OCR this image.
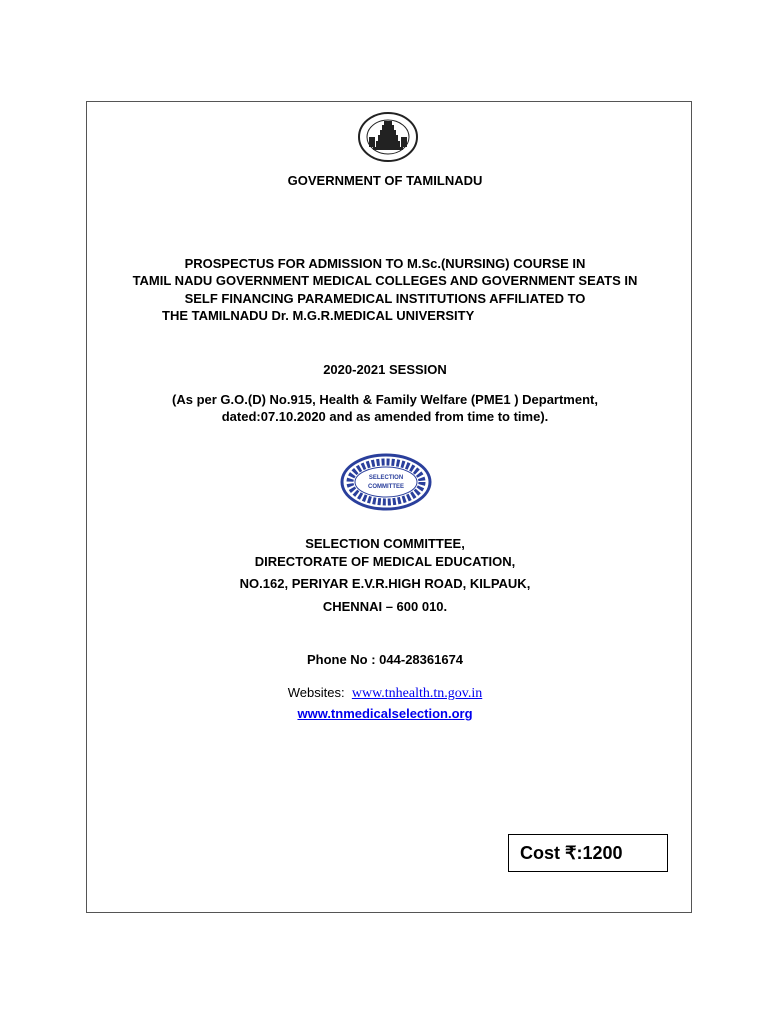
GOVERNMENT OF TAMILNADU
PROSPECTUS FOR ADMISSION TO M.Sc.(NURSING) COURSE IN
TAMIL NADU GOVERNMENT MEDICAL COLLEGES AND GOVERNMENT SEATS IN
SELF FINANCING PARAMEDICAL INSTITUTIONS AFFILIATED TO
THE TAMILNADU Dr. M.G.R.MEDICAL UNIVERSITY
2020-2021 SESSION
(As per G.O.(D) No.915, Health & Family Welfare (PME1 ) Department,
dated:07.10.2020 and as amended from time to time).
SELECTION
COMMITTEE
SELECTION COMMITTEE,
DIRECTORATE OF MEDICAL EDUCATION,
NO.162, PERIYAR E.V.R.HIGH ROAD, KILPAUK,
CHENNAI – 600 010.
Phone No : 044-28361674
Websites: www.tnhealth.tn.gov.in
www.tnmedicalselection.org
Cost ₹:1200
